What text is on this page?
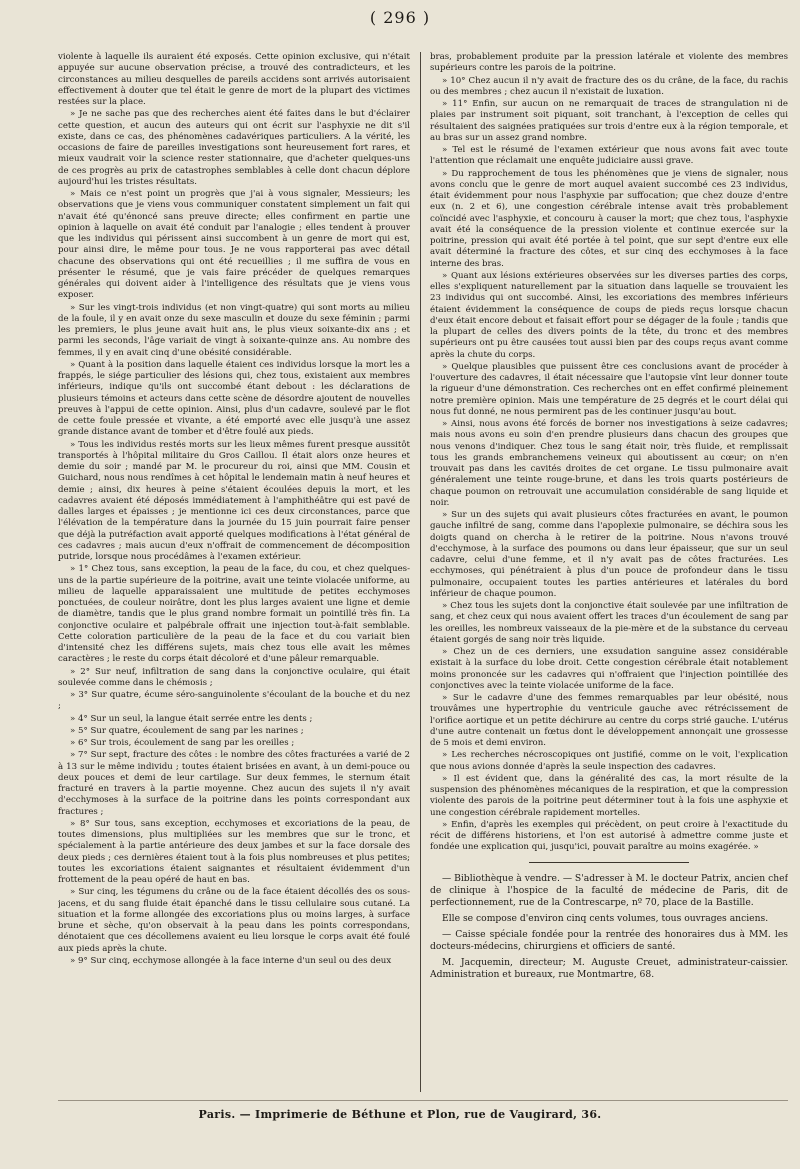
( 296 )

violente à laquelle ils auraient été exposés. Cette opinion exclusive, qui n'était appuyée sur aucune observation précise, a trouvé des contradicteurs, et les circonstances au milieu desquelles de pareils accidens sont arrivés autorisaient effectivement à douter que tel était le genre de mort de la plupart des victimes restées sur la place.

» Je ne sache pas que des recherches aient été faites dans le but d'éclairer cette question, et aucun des auteurs qui ont écrit sur l'asphyxie ne dit s'il existe, dans ce cas, des phénomènes cadavériques particuliers. A la vérité, les occasions de faire de pareilles investigations sont heureusement fort rares, et mieux vaudrait voir la science rester stationnaire, que d'acheter quelques-uns de ces progrès au prix de catastrophes semblables à celle dont chacun déplore aujourd'hui les tristes résultats.

» Mais ce n'est point un progrès que j'ai à vous signaler, Messieurs; les observations que je viens vous communiquer constatent simplement un fait qui n'avait été qu'énoncé sans preuve directe; elles confirment en partie une opinion à laquelle on avait été conduit par l'analogie ; elles tendent à prouver que les individus qui périssent ainsi succombent à un genre de mort qui est, pour ainsi dire, le même pour tous. Je ne vous rapporterai pas avec détail chacune des observations qui ont été recueillies ; il me suffira de vous en présenter le résumé, que je vais faire précéder de quelques remarques générales qui doivent aider à l'intelligence des résultats que je viens vous exposer.

» Sur les vingt-trois individus (et non vingt-quatre) qui sont morts au milieu de la foule, il y en avait onze du sexe masculin et douze du sexe féminin ; parmi les premiers, le plus jeune avait huit ans, le plus vieux soixante-dix ans ; et parmi les seconds, l'âge variait de vingt à soixante-quinze ans. Au nombre des femmes, il y en avait cinq d'une obésité considérable.

» Quant à la position dans laquelle étaient ces individus lorsque la mort les a frappés, le siége particulier des lésions qui, chez tous, existaient aux membres inférieurs, indique qu'ils ont succombé étant debout : les déclarations de plusieurs témoins et acteurs dans cette scène de désordre ajoutent de nouvelles preuves à l'appui de cette opinion. Ainsi, plus d'un cadavre, soulevé par le flot de cette foule pressée et vivante, a été emporté avec elle jusqu'à une assez grande distance avant de tomber et d'être foulé aux pieds.

» Tous les individus restés morts sur les lieux mêmes furent presque aussitôt transportés à l'hôpital militaire du Gros Caillou. Il était alors onze heures et demie du soir ; mandé par M. le procureur du roi, ainsi que MM. Cousin et Guichard, nous nous rendîmes à cet hôpital le lendemain matin à neuf heures et demie ; ainsi, dix heures à peine s'étaient écoulées depuis la mort, et les cadavres avaient été déposés immédiatement à l'amphithéâtre qui est pavé de dalles larges et épaisses ; je mentionne ici ces deux circonstances, parce que l'élévation de la température dans la journée du 15 juin pourrait faire penser que déjà la putréfaction avait apporté quelques modifications à l'état général de ces cadavres ; mais aucun d'eux n'offrait de commencement de décomposition putride, lorsque nous procédâmes à l'examen extérieur.

» 1° Chez tous, sans exception, la peau de la face, du cou, et chez quelques-uns de la partie supérieure de la poitrine, avait une teinte violacée uniforme, au milieu de laquelle apparaissaient une multitude de petites ecchymoses ponctuées, de couleur noirâtre, dont les plus larges avaient une ligne et demie de diamètre, tandis que le plus grand nombre formait un pointillé très fin. La conjonctive oculaire et palpébrale offrait une injection tout-à-fait semblable. Cette coloration particulière de la peau de la face et du cou variait bien d'intensité chez les différens sujets, mais chez tous elle avait les mêmes caractères ; le reste du corps était décoloré et d'une pâleur remarquable.

» 2° Sur neuf, infiltration de sang dans la conjonctive oculaire, qui était soulevée comme dans le chémosis ;

» 3° Sur quatre, écume séro-sanguinolente s'écoulant de la bouche et du nez ;

» 4° Sur un seul, la langue était serrée entre les dents ;

» 5° Sur quatre, écoulement de sang par les narines ;

» 6° Sur trois, écoulement de sang par les oreilles ;

» 7° Sur sept, fracture des côtes : le nombre des côtes fracturées a varié de 2 à 13 sur le même individu ; toutes étaient brisées en avant, à un demi-pouce ou deux pouces et demi de leur cartilage. Sur deux femmes, le sternum était fracturé en travers à la partie moyenne. Chez aucun des sujets il n'y avait d'ecchymoses à la surface de la poitrine dans les points correspondant aux fractures ;

» 8° Sur tous, sans exception, ecchymoses et excoriations de la peau, de toutes dimensions, plus multipliées sur les membres que sur le tronc, et spécialement à la partie antérieure des deux jambes et sur la face dorsale des deux pieds ; ces dernières étaient tout à la fois plus nombreuses et plus petites; toutes les excoriations étaient saignantes et résultaient évidemment d'un frottement de la peau opéré de haut en bas.

» Sur cinq, les tégumens du crâne ou de la face étaient décollés des os sous-jacens, et du sang fluide était épanché dans le tissu cellulaire sous cutané. La situation et la forme allongée des excoriations plus ou moins larges, à surface brune et sèche, qu'on observait à la peau dans les points correspondans, dénotaient que ces décollemens avaient eu lieu lorsque le corps avait été foulé aux pieds après la chute.

» 9° Sur cinq, ecchymose allongée à la face interne d'un seul ou des deux

bras, probablement produite par la pression latérale et violente des membres supérieurs contre les parois de la poitrine.

» 10° Chez aucun il n'y avait de fracture des os du crâne, de la face, du rachis ou des membres ; chez aucun il n'existait de luxation.

» 11° Enfin, sur aucun on ne remarquait de traces de strangulation ni de plaies par instrument soit piquant, soit tranchant, à l'exception de celles qui résultaient des saignées pratiquées sur trois d'entre eux à la région temporale, et au bras sur un assez grand nombre.

» Tel est le résumé de l'examen extérieur que nous avons fait avec toute l'attention que réclamait une enquête judiciaire aussi grave.

» Du rapprochement de tous les phénomènes que je viens de signaler, nous avons conclu que le genre de mort auquel avaient succombé ces 23 individus, était évidemment pour nous l'asphyxie par suffocation; que chez douze d'entre eux (n. 2 et 6), une congestion cérébrale intense avait très probablement coïncidé avec l'asphyxie, et concouru à causer la mort; que chez tous, l'asphyxie avait été la conséquence de la pression violente et continue exercée sur la poitrine, pression qui avait été portée à tel point, que sur sept d'entre eux elle avait déterminé la fracture des côtes, et sur cinq des ecchymoses à la face interne des bras.

» Quant aux lésions extérieures observées sur les diverses parties des corps, elles s'expliquent naturellement par la situation dans laquelle se trouvaient les 23 individus qui ont succombé. Ainsi, les excoriations des membres inférieurs étaient évidemment la conséquence de coups de pieds reçus lorsque chacun d'eux était encore debout et faisait effort pour se dégager de la foule ; tandis que la plupart de celles des divers points de la tête, du tronc et des membres supérieurs ont pu être causées tout aussi bien par des coups reçus avant comme après la chute du corps.

» Quelque plausibles que puissent être ces conclusions avant de procéder à l'ouverture des cadavres, il était nécessaire que l'autopsie vînt leur donner toute la rigueur d'une démonstration. Ces recherches ont en effet confirmé pleinement notre première opinion. Mais une température de 25 degrés et le court délai qui nous fut donné, ne nous permirent pas de les continuer jusqu'au bout.

» Ainsi, nous avons été forcés de borner nos investigations à seize cadavres; mais nous avons eu soin d'en prendre plusieurs dans chacun des groupes que nous venons d'indiquer. Chez tous le sang était noir, très fluide, et remplissait tous les grands embranchemens veineux qui aboutissent au cœur; on n'en trouvait pas dans les cavités droites de cet organe. Le tissu pulmonaire avait généralement une teinte rouge-brune, et dans les trois quarts postérieurs de chaque poumon on retrouvait une accumulation considérable de sang liquide et noir.

» Sur un des sujets qui avait plusieurs côtes fracturées en avant, le poumon gauche infiltré de sang, comme dans l'apoplexie pulmonaire, se déchira sous les doigts quand on chercha à le retirer de la poitrine. Nous n'avons trouvé d'ecchymose, à la surface des poumons ou dans leur épaisseur, que sur un seul cadavre, celui d'une femme, et il n'y avait pas de côtes fracturées. Les ecchymoses, qui pénétraient à plus d'un pouce de profondeur dans le tissu pulmonaire, occupaient toutes les parties antérieures et latérales du bord inférieur de chaque poumon.

» Chez tous les sujets dont la conjonctive était soulevée par une infiltration de sang, et chez ceux qui nous avaient offert les traces d'un écoulement de sang par les oreilles, les nombreux vaisseaux de la pie-mère et de la substance du cerveau étaient gorgés de sang noir très liquide.

» Chez un de ces derniers, une exsudation sanguine assez considérable existait à la surface du lobe droit. Cette congestion cérébrale était notablement moins prononcée sur les cadavres qui n'offraient que l'injection pointillée des conjonctives avec la teinte violacée uniforme de la face.

» Sur le cadavre d'une des femmes remarquables par leur obésité, nous trouvâmes une hypertrophie du ventricule gauche avec rétrécissement de l'orifice aortique et un petite déchirure au centre du corps strié gauche. L'utérus d'une autre contenait un fœtus dont le développement annonçait une grossesse de 5 mois et demi environ.

» Les recherches nécroscopiques ont justifié, comme on le voit, l'explication que nous avions donnée d'après la seule inspection des cadavres.

» Il est évident que, dans la généralité des cas, la mort résulte de la suspension des phénomènes mécaniques de la respiration, et que la compression violente des parois de la poitrine peut déterminer tout à la fois une asphyxie et une congestion cérébrale rapidement mortelles.

» Enfin, d'après les exemples qui précèdent, on peut croire à l'exactitude du récit de différens historiens, et l'on est autorisé à admettre comme juste et fondée une explication qui, jusqu'ici, pouvait paraître au moins exagérée. »

— Bibliothèque à vendre. — S'adresser à M. le docteur Patrix, ancien chef de clinique à l'hospice de la faculté de médecine de Paris, dit de perfectionnement, rue de la Contrescarpe, nº 70, place de la Bastille.

Elle se compose d'environ cinq cents volumes, tous ouvrages anciens.

— Caisse spéciale fondée pour la rentrée des honoraires dus à MM. les docteurs-médecins, chirurgiens et officiers de santé.

M. Jacquemin, directeur; M. Auguste Creuet, administrateur-caissier. Administration et bureaux, rue Montmartre, 68.

Paris. — Imprimerie de Béthune et Plon, rue de Vaugirard, 36.
